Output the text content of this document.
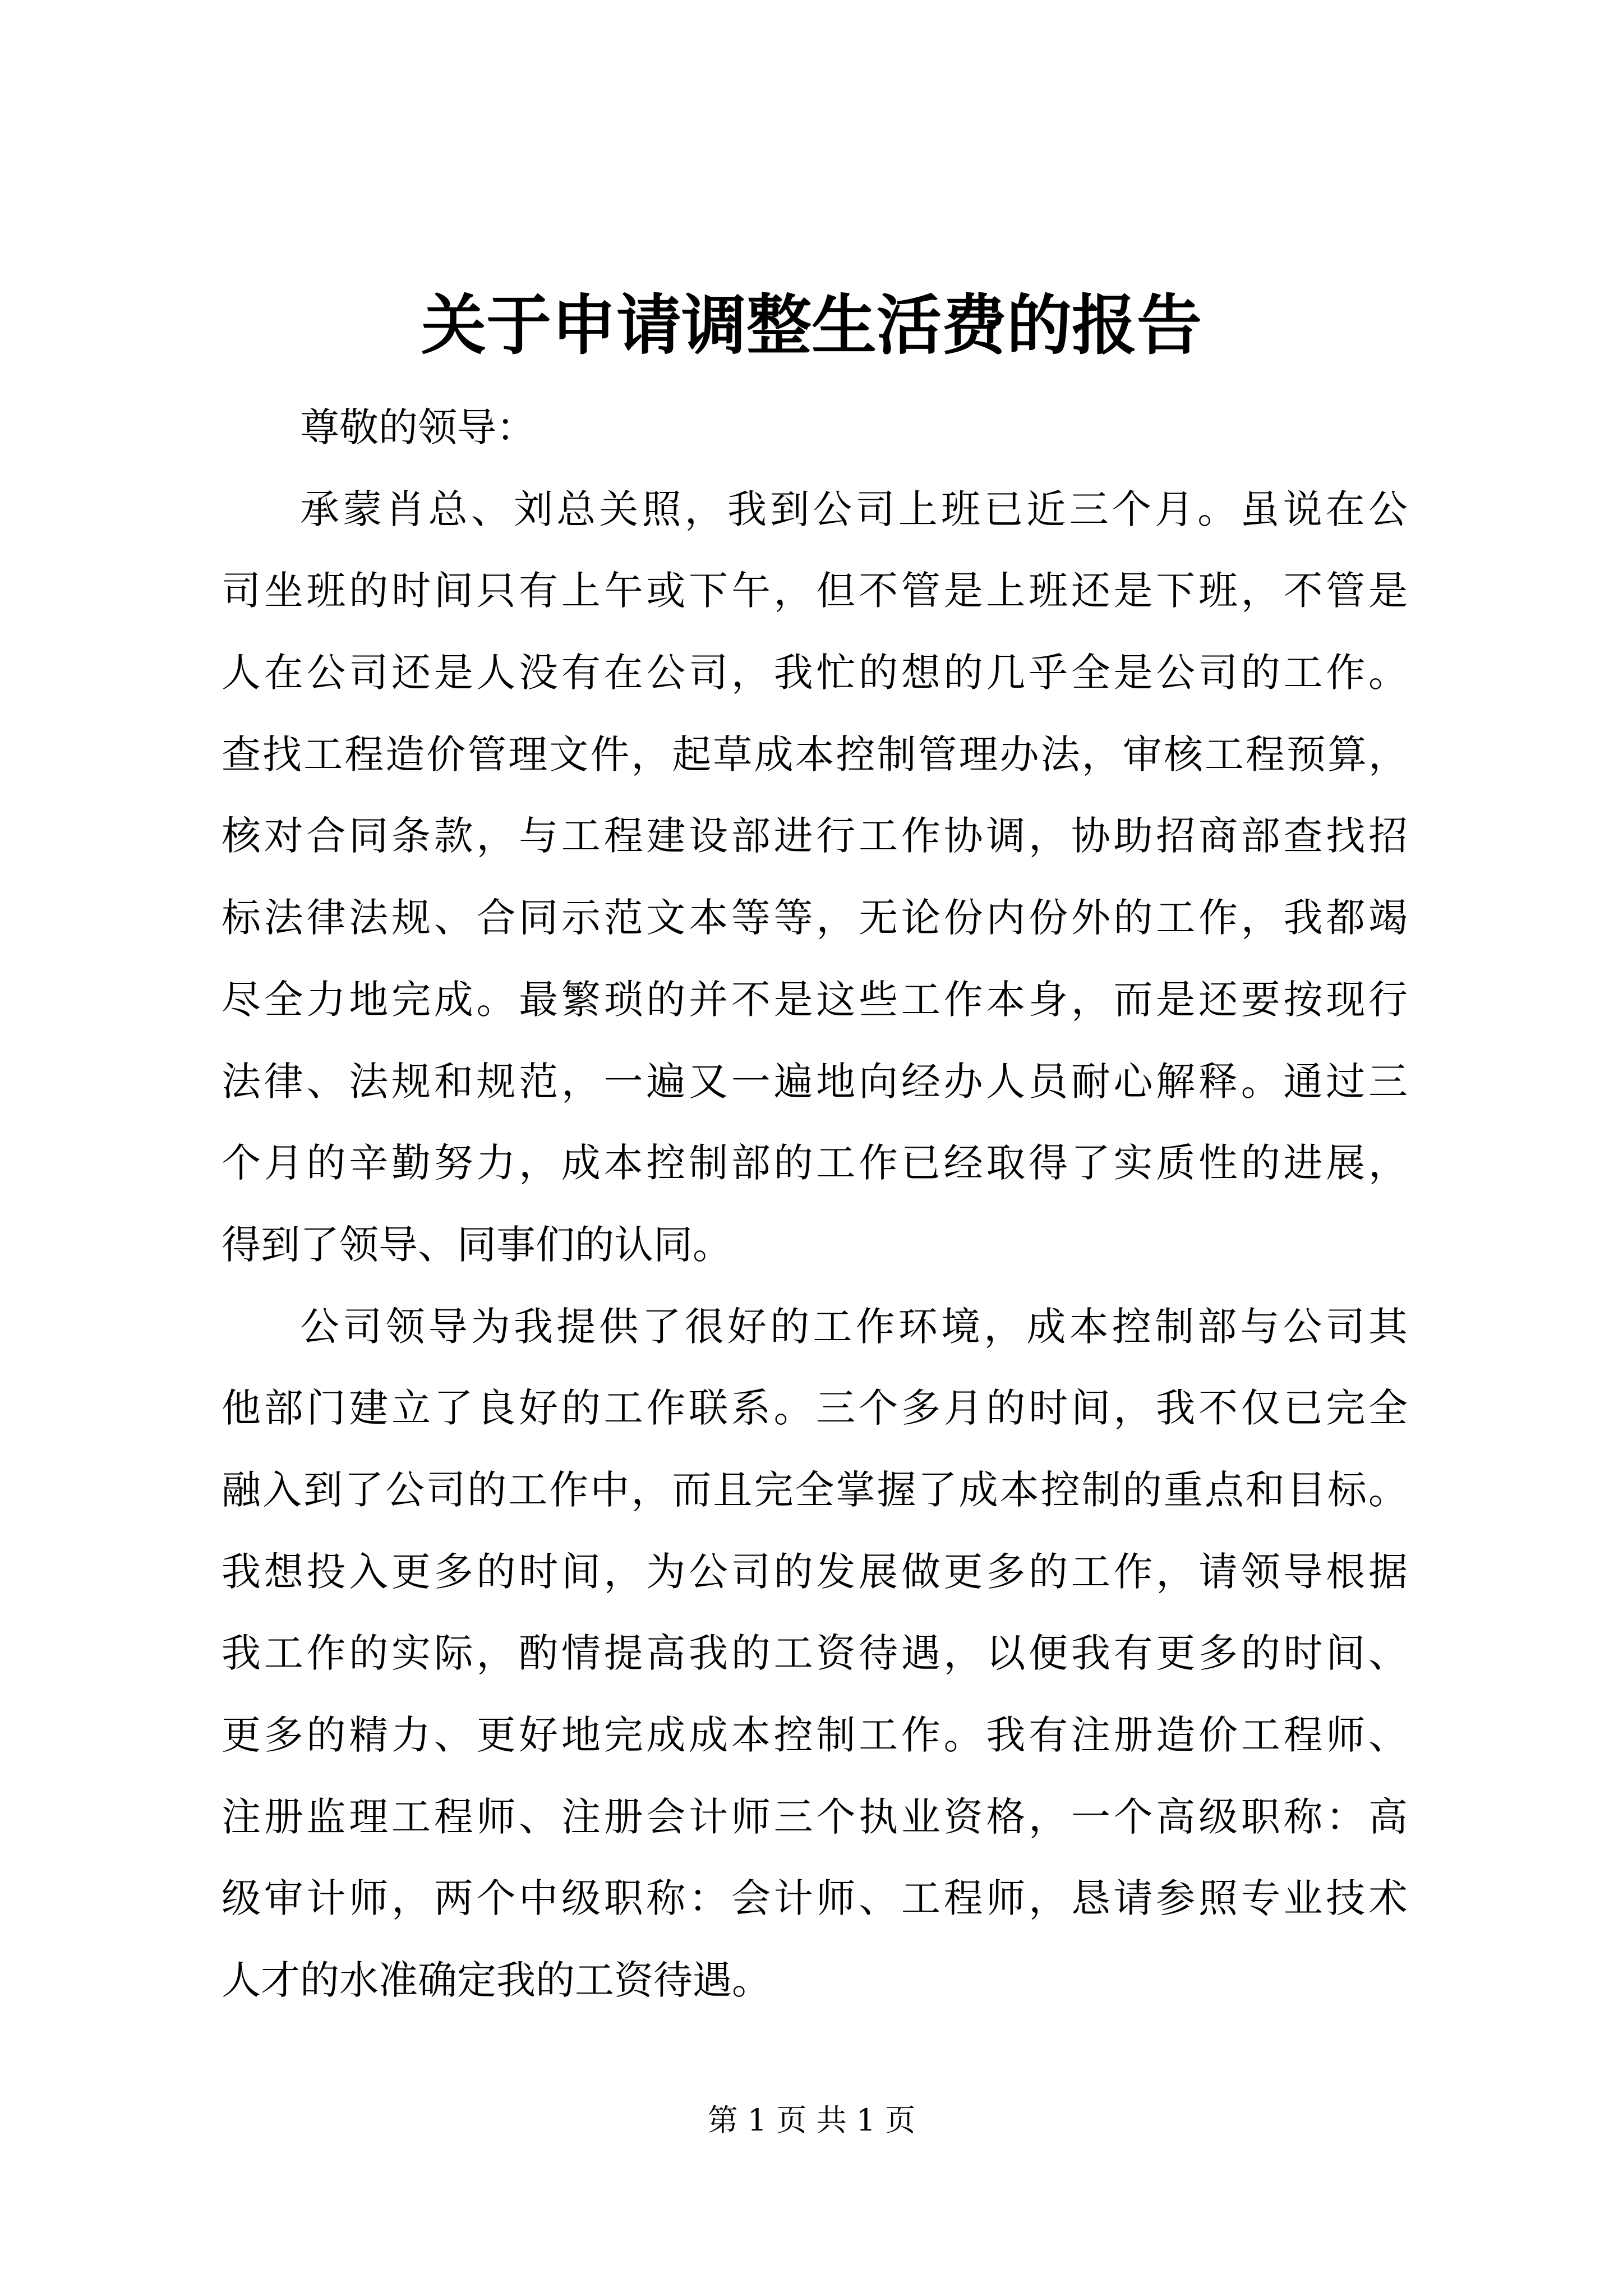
关于申请调整生活费的报告
尊敬的领导：
承蒙肖总、刘总关照，我到公司上班已近三个月。虽说在公
司坐班的时间只有上午或下午，但不管是上班还是下班，不管是
人在公司还是人没有在公司，我忙的想的几乎全是公司的工作。
查找工程造价管理文件，起草成本控制管理办法，审核工程预算，
核对合同条款，与工程建设部进行工作协调，协助招商部查找招
标法律法规、合同示范文本等等，无论份内份外的工作，我都竭
尽全力地完成。最繁琐的并不是这些工作本身，而是还要按现行
法律、法规和规范，一遍又一遍地向经办人员耐心解释。通过三
个月的辛勤努力，成本控制部的工作已经取得了实质性的进展，
得到了领导、同事们的认同。
公司领导为我提供了很好的工作环境，成本控制部与公司其
他部门建立了良好的工作联系。三个多月的时间，我不仅已完全
融入到了公司的工作中，而且完全掌握了成本控制的重点和目标。
我想投入更多的时间，为公司的发展做更多的工作，请领导根据
我工作的实际，酌情提高我的工资待遇，以便我有更多的时间、
更多的精力、更好地完成成本控制工作。我有注册造价工程师、
注册监理工程师、注册会计师三个执业资格，一个高级职称：高
级审计师，两个中级职称：会计师、工程师，恳请参照专业技术
人才的水准确定我的工资待遇。
第 1 页 共 1 页
